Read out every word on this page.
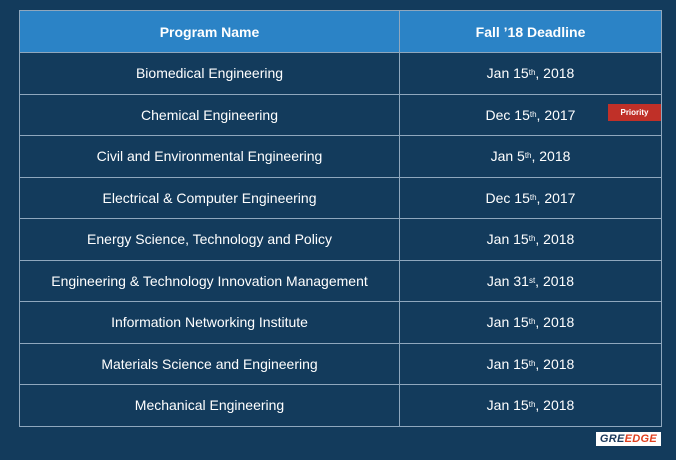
Program Name	Fall ’18 Deadline
Biomedical Engineering	Jan 15 th , 2018
Chemical Engineering	Dec 15 th , 2017	Priority
Civil and Environmental Engineering	Jan 5 th , 2018
Electrical & Computer Engineering	Dec 15 th , 2017
Energy Science, Technology and Policy	Jan 15 th , 2018
Engineering & Technology Innovation Management	Jan 31 st , 2018
Information Networking Institute	Jan 15 th , 2018
Materials Science and Engineering	Jan 15 th , 2018
Mechanical Engineering	Jan 15 th , 2018
GREEDGE
